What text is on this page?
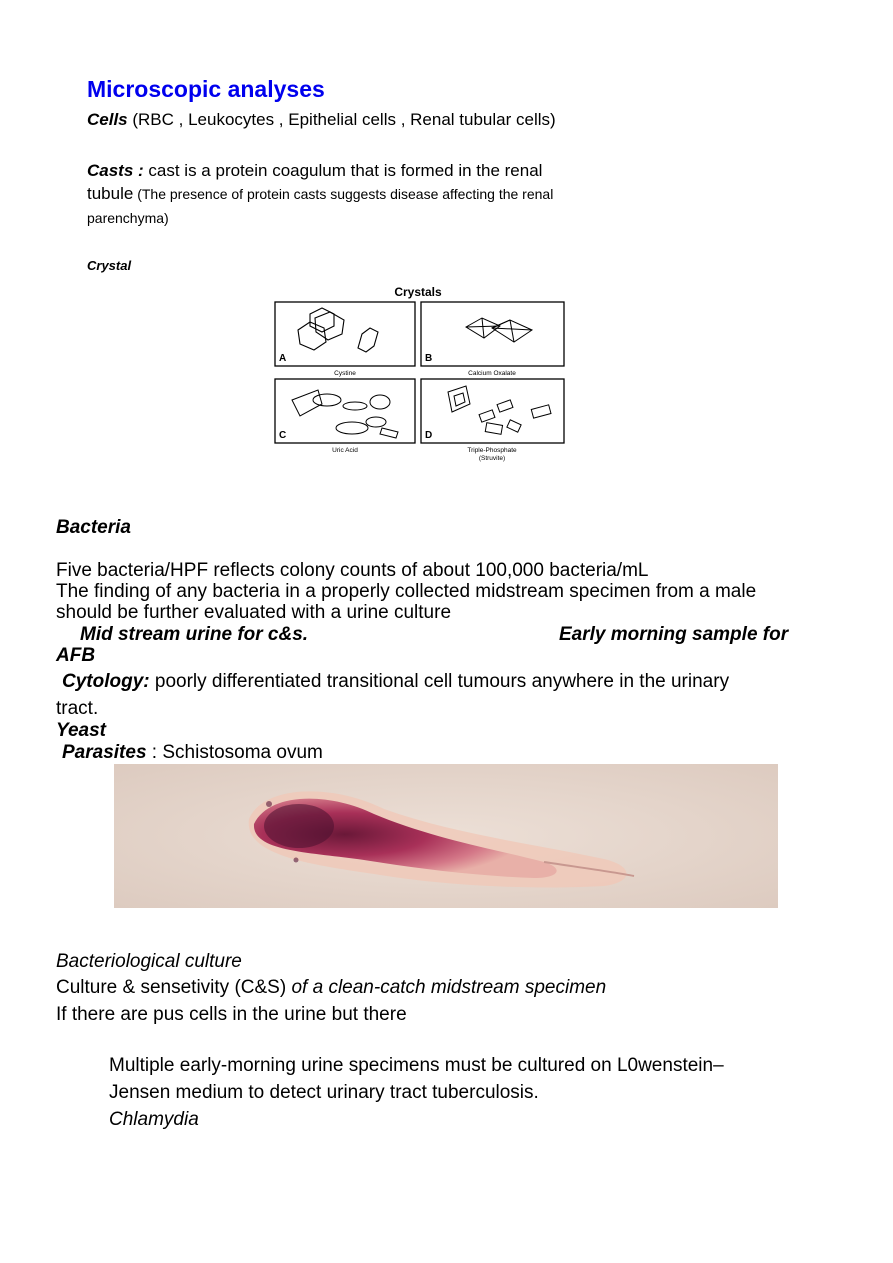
Microscopic analyses
Cells (RBC , Leukocytes , Epithelial cells , Renal tubular cells)
Casts : cast is a protein coagulum that is formed in the renal tubule (The presence of protein casts suggests disease affecting the renal parenchyma)
Crystal
Crystals
A	B
C	D
Cystine	Calcium Oxalate
Uric Acid	Triple-Phosphate
(Struvite)
Bacteria
Five bacteria/HPF reflects colony counts of about 100,000 bacteria/mL
The finding of any bacteria in a properly collected midstream specimen from a male
should be further evaluated with a urine culture
Mid stream urine for c&s.	Early morning sample for
AFB
Cytology: poorly differentiated transitional cell tumours anywhere in the urinary
tract.
Yeast
Parasites : Schistosoma ovum
Bacteriological culture
Culture & sensetivity (C&S) of a clean-catch midstream specimen
If there are pus cells in the urine but there
Multiple early-morning urine specimens must be cultured on L0wenstein–
Jensen medium to detect urinary tract tuberculosis.
Chlamydia
